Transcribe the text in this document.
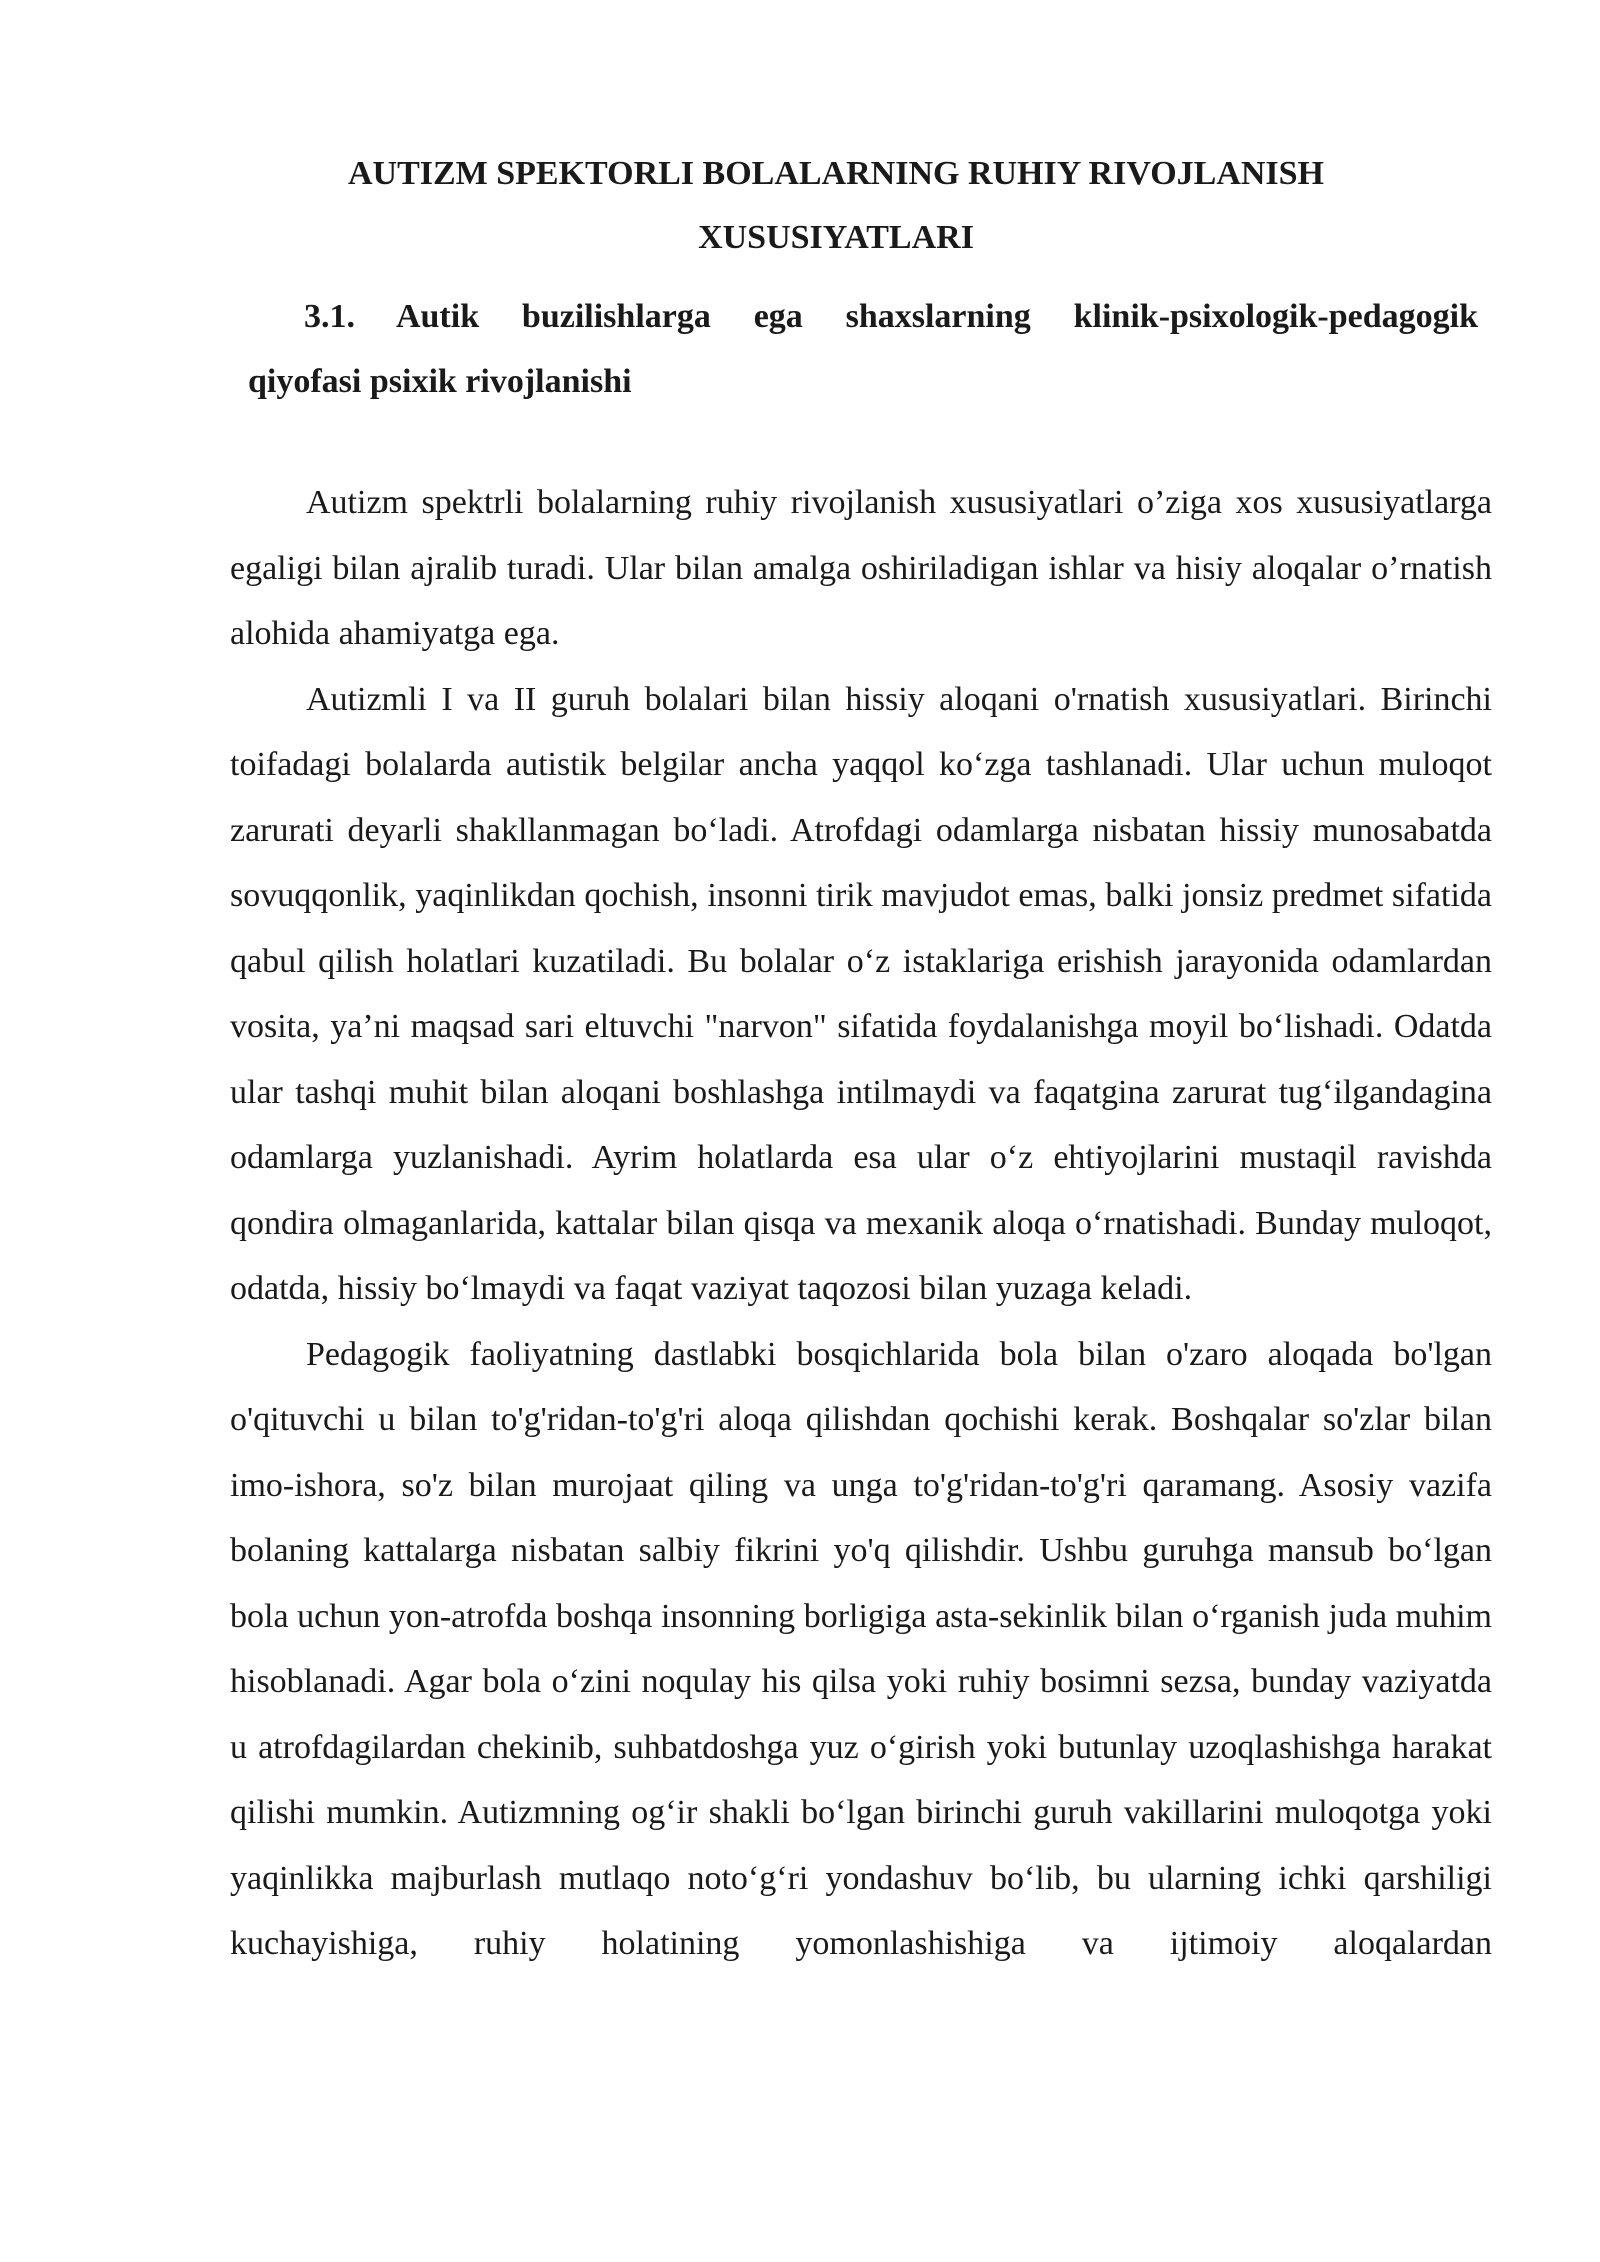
AUTIZM SPEKTORLI BOLALARNING RUHIY RIVOJLANISH
XUSUSIYATLARI
3.1. Autik buzilishlarga ega shaxslarning klinik-psixologik-pedagogik
qiyofasi psixik rivojlanishi

Autizm spektrli bolalarning ruhiy rivojlanish xususiyatlari o’ziga xos xususiyatlarga egaligi bilan ajralib turadi. Ular bilan amalga oshiriladigan ishlar va hisiy aloqalar o’rnatish alohida ahamiyatga ega.

Autizmli I va II guruh bolalari bilan hissiy aloqani o'rnatish xususiyatlari. Birinchi toifadagi bolalarda autistik belgilar ancha yaqqol ko‘zga tashlanadi. Ular uchun muloqot zarurati deyarli shakllanmagan bo‘ladi. Atrofdagi odamlarga nisbatan hissiy munosabatda sovuqqonlik, yaqinlikdan qochish, insonni tirik mavjudot emas, balki jonsiz predmet sifatida qabul qilish holatlari kuzatiladi. Bu bolalar o‘z istaklariga erishish jarayonida odamlardan vosita, ya’ni maqsad sari eltuvchi "narvon" sifatida foydalanishga moyil bo‘lishadi. Odatda ular tashqi muhit bilan aloqani boshlashga intilmaydi va faqatgina zarurat tug‘ilgandagina odamlarga yuzlanishadi. Ayrim holatlarda esa ular o‘z ehtiyojlarini mustaqil ravishda qondira olmaganlarida, kattalar bilan qisqa va mexanik aloqa o‘rnatishadi. Bunday muloqot, odatda, hissiy bo‘lmaydi va faqat vaziyat taqozosi bilan yuzaga keladi.

Pedagogik faoliyatning dastlabki bosqichlarida bola bilan o'zaro aloqada bo'lgan o'qituvchi u bilan to'g'ridan-to'g'ri aloqa qilishdan qochishi kerak. Boshqalar so'zlar bilan imo-ishora, so'z bilan murojaat qiling va unga to'g'ridan-to'g'ri qaramang. Asosiy vazifa bolaning kattalarga nisbatan salbiy fikrini yo'q qilishdir. Ushbu guruhga mansub bo‘lgan bola uchun yon-atrofda boshqa insonning borligiga asta-sekinlik bilan o‘rganish juda muhim hisoblanadi. Agar bola o‘zini noqulay his qilsa yoki ruhiy bosimni sezsa, bunday vaziyatda u atrofdagilardan chekinib, suhbatdoshga yuz o‘girish yoki butunlay uzoqlashishga harakat qilishi mumkin. Autizmning og‘ir shakli bo‘lgan birinchi guruh vakillarini muloqotga yoki yaqinlikka majburlash mutlaqo noto‘g‘ri yondashuv bo‘lib, bu ularning ichki qarshiligi kuchayishiga, ruhiy holatining yomonlashishiga va ijtimoiy aloqalardan
